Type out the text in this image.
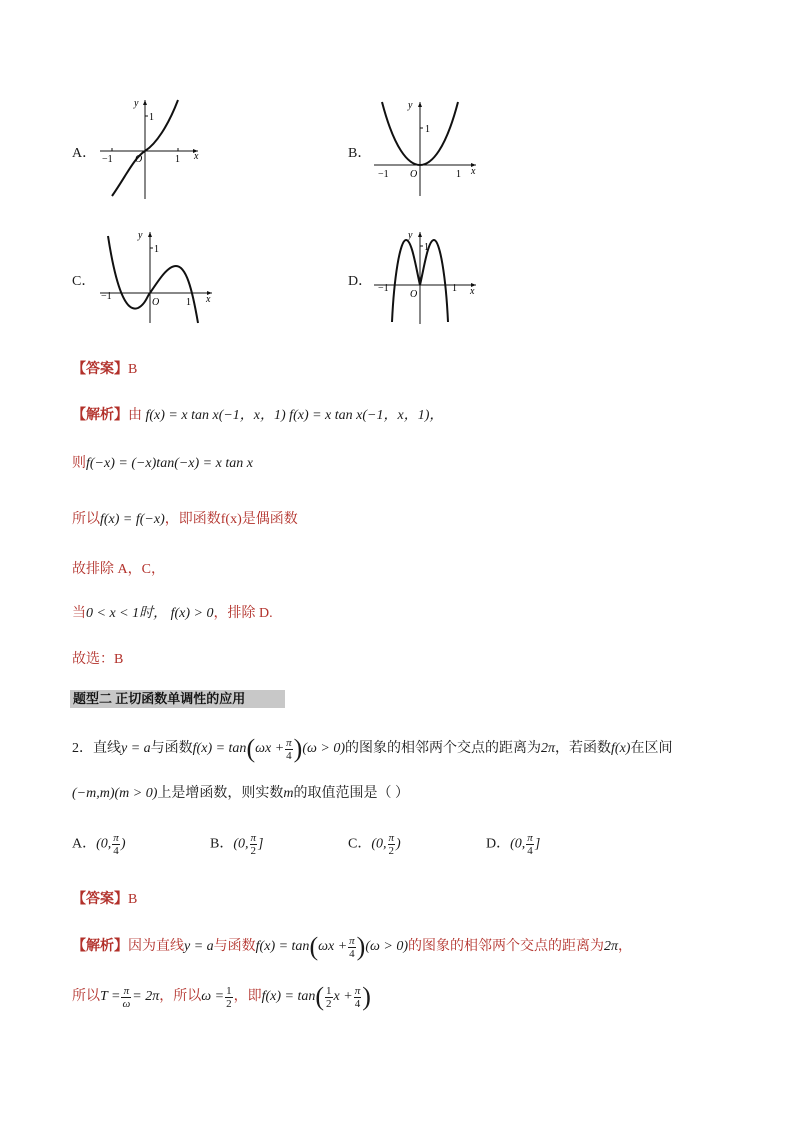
A．
y
1
−1 O	1 x	B．
y
1
−1 O	1 x
C．
y
1
−1
O	1 x
D．
y
1
−1
O
1 x
【答案】B
【解析】由 f(x) = x tan x(−1，x，1) f(x) = x tan x(−1，x，1)，
则f(−x) = (−x)tan(−x) = x tan x
所以f(x) = f(−x)，即函数f(x)是偶函数
故排除 A，C，
当0 < x < 1时， f(x) > 0，排除 D.
故选：B
题型二 正切函数单调性的应用
2．直线y = a与函数$f(x) = \tan(\omega x + \frac{\pi}{4} )(\omega > 0)$的图象的相邻两个交点的距离为2π，若函数f(x)在区间
(−m,m)(m > 0)上是增函数，则实数m的取值范围是（ ）
A．(0, $\frac{\pi}{4}$ )	B．(0, $\frac{\pi}{2}$ ]	C．(0, $\frac{\pi}{2}$ )	D．(0, $\frac{\pi}{4}$ ]
【答案】B
【解析】因为直线y = a与函数$f(x) = \tan(\omega x + \frac{\pi}{4} )(\omega > 0)$的图象的相邻两个交点的距离为2π，
所以$T = \frac{\pi}{\omega} = 2\pi$，所以$\omega = \frac{1}{2}$ ，即$f(x) = \tan( \frac{1}{2}$ $x + \frac{\pi}{4}$ )
